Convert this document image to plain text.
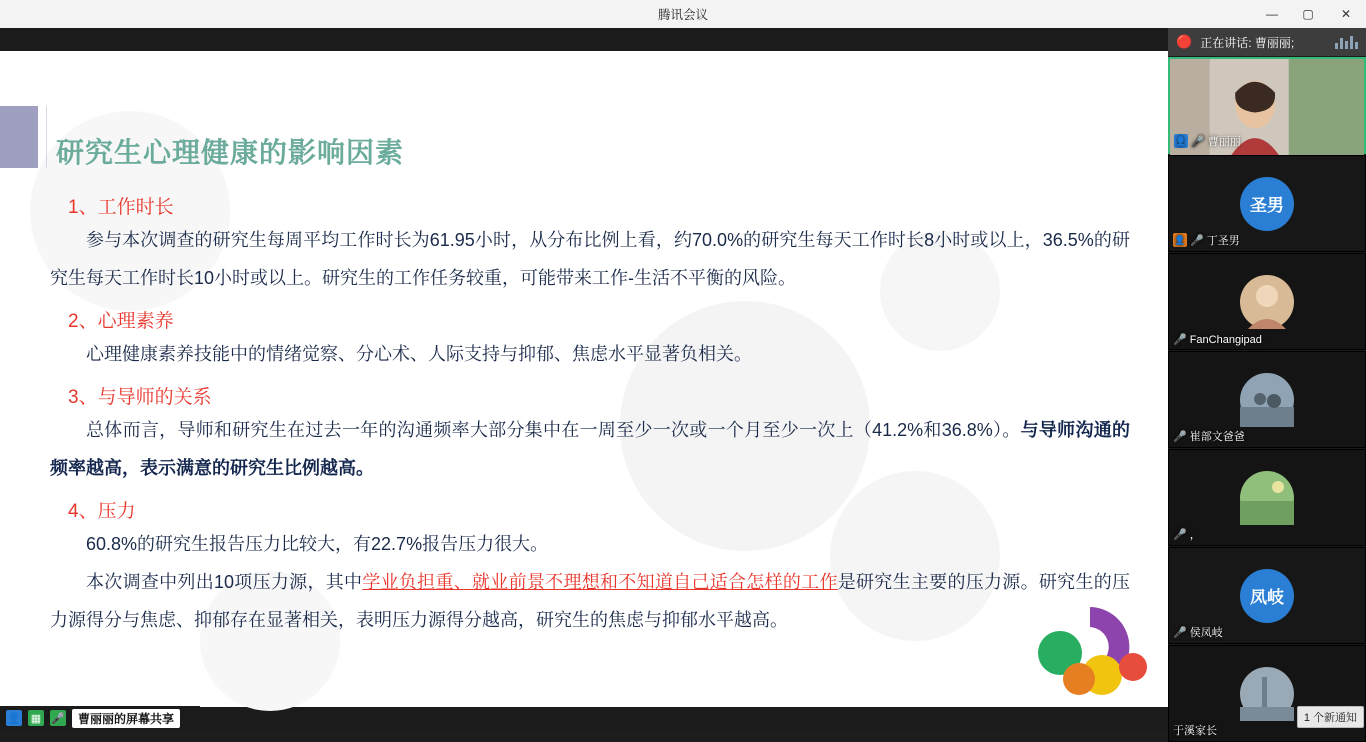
腾讯会议	—	▢	✕
研究生心理健康的影响因素
1、工作时长
参与本次调查的研究生每周平均工作时长为61.95小时，从分布比例上看，约70.0%的研究生每天工作时长8小时或以上，36.5%的研究生每天工作时长10小时或以上。研究生的工作任务较重，可能带来工作-生活不平衡的风险。
2、心理素养
心理健康素养技能中的情绪觉察、分心术、人际支持与抑郁、焦虑水平显著负相关。
3、与导师的关系
总体而言，导师和研究生在过去一年的沟通频率大部分集中在一周至少一次或一个月至少一次上（41.2%和36.8%）。与导师沟通的频率越高，表示满意的研究生比例越高。
4、压力
60.8%的研究生报告压力比较大，有22.7%报告压力很大。
本次调查中列出10项压力源，其中学业负担重、就业前景不理想和不知道自己适合怎样的工作是研究生主要的压力源。研究生的压力源得分与焦虑、抑郁存在显著相关，表明压力源得分越高，研究生的焦虑与抑郁水平越高。
👤 ▦ 🎤	曹丽丽的屏幕共享
🔴 正在讲话: 曹丽丽;
👤 🎤 曹丽丽
圣男
👤 🎤 丁圣男
🎤 FanChangipad
🎤 崔部文爸爸
🎤 ，
凤岐
🎤 侯凤岐
于溪家长
1 个新通知
